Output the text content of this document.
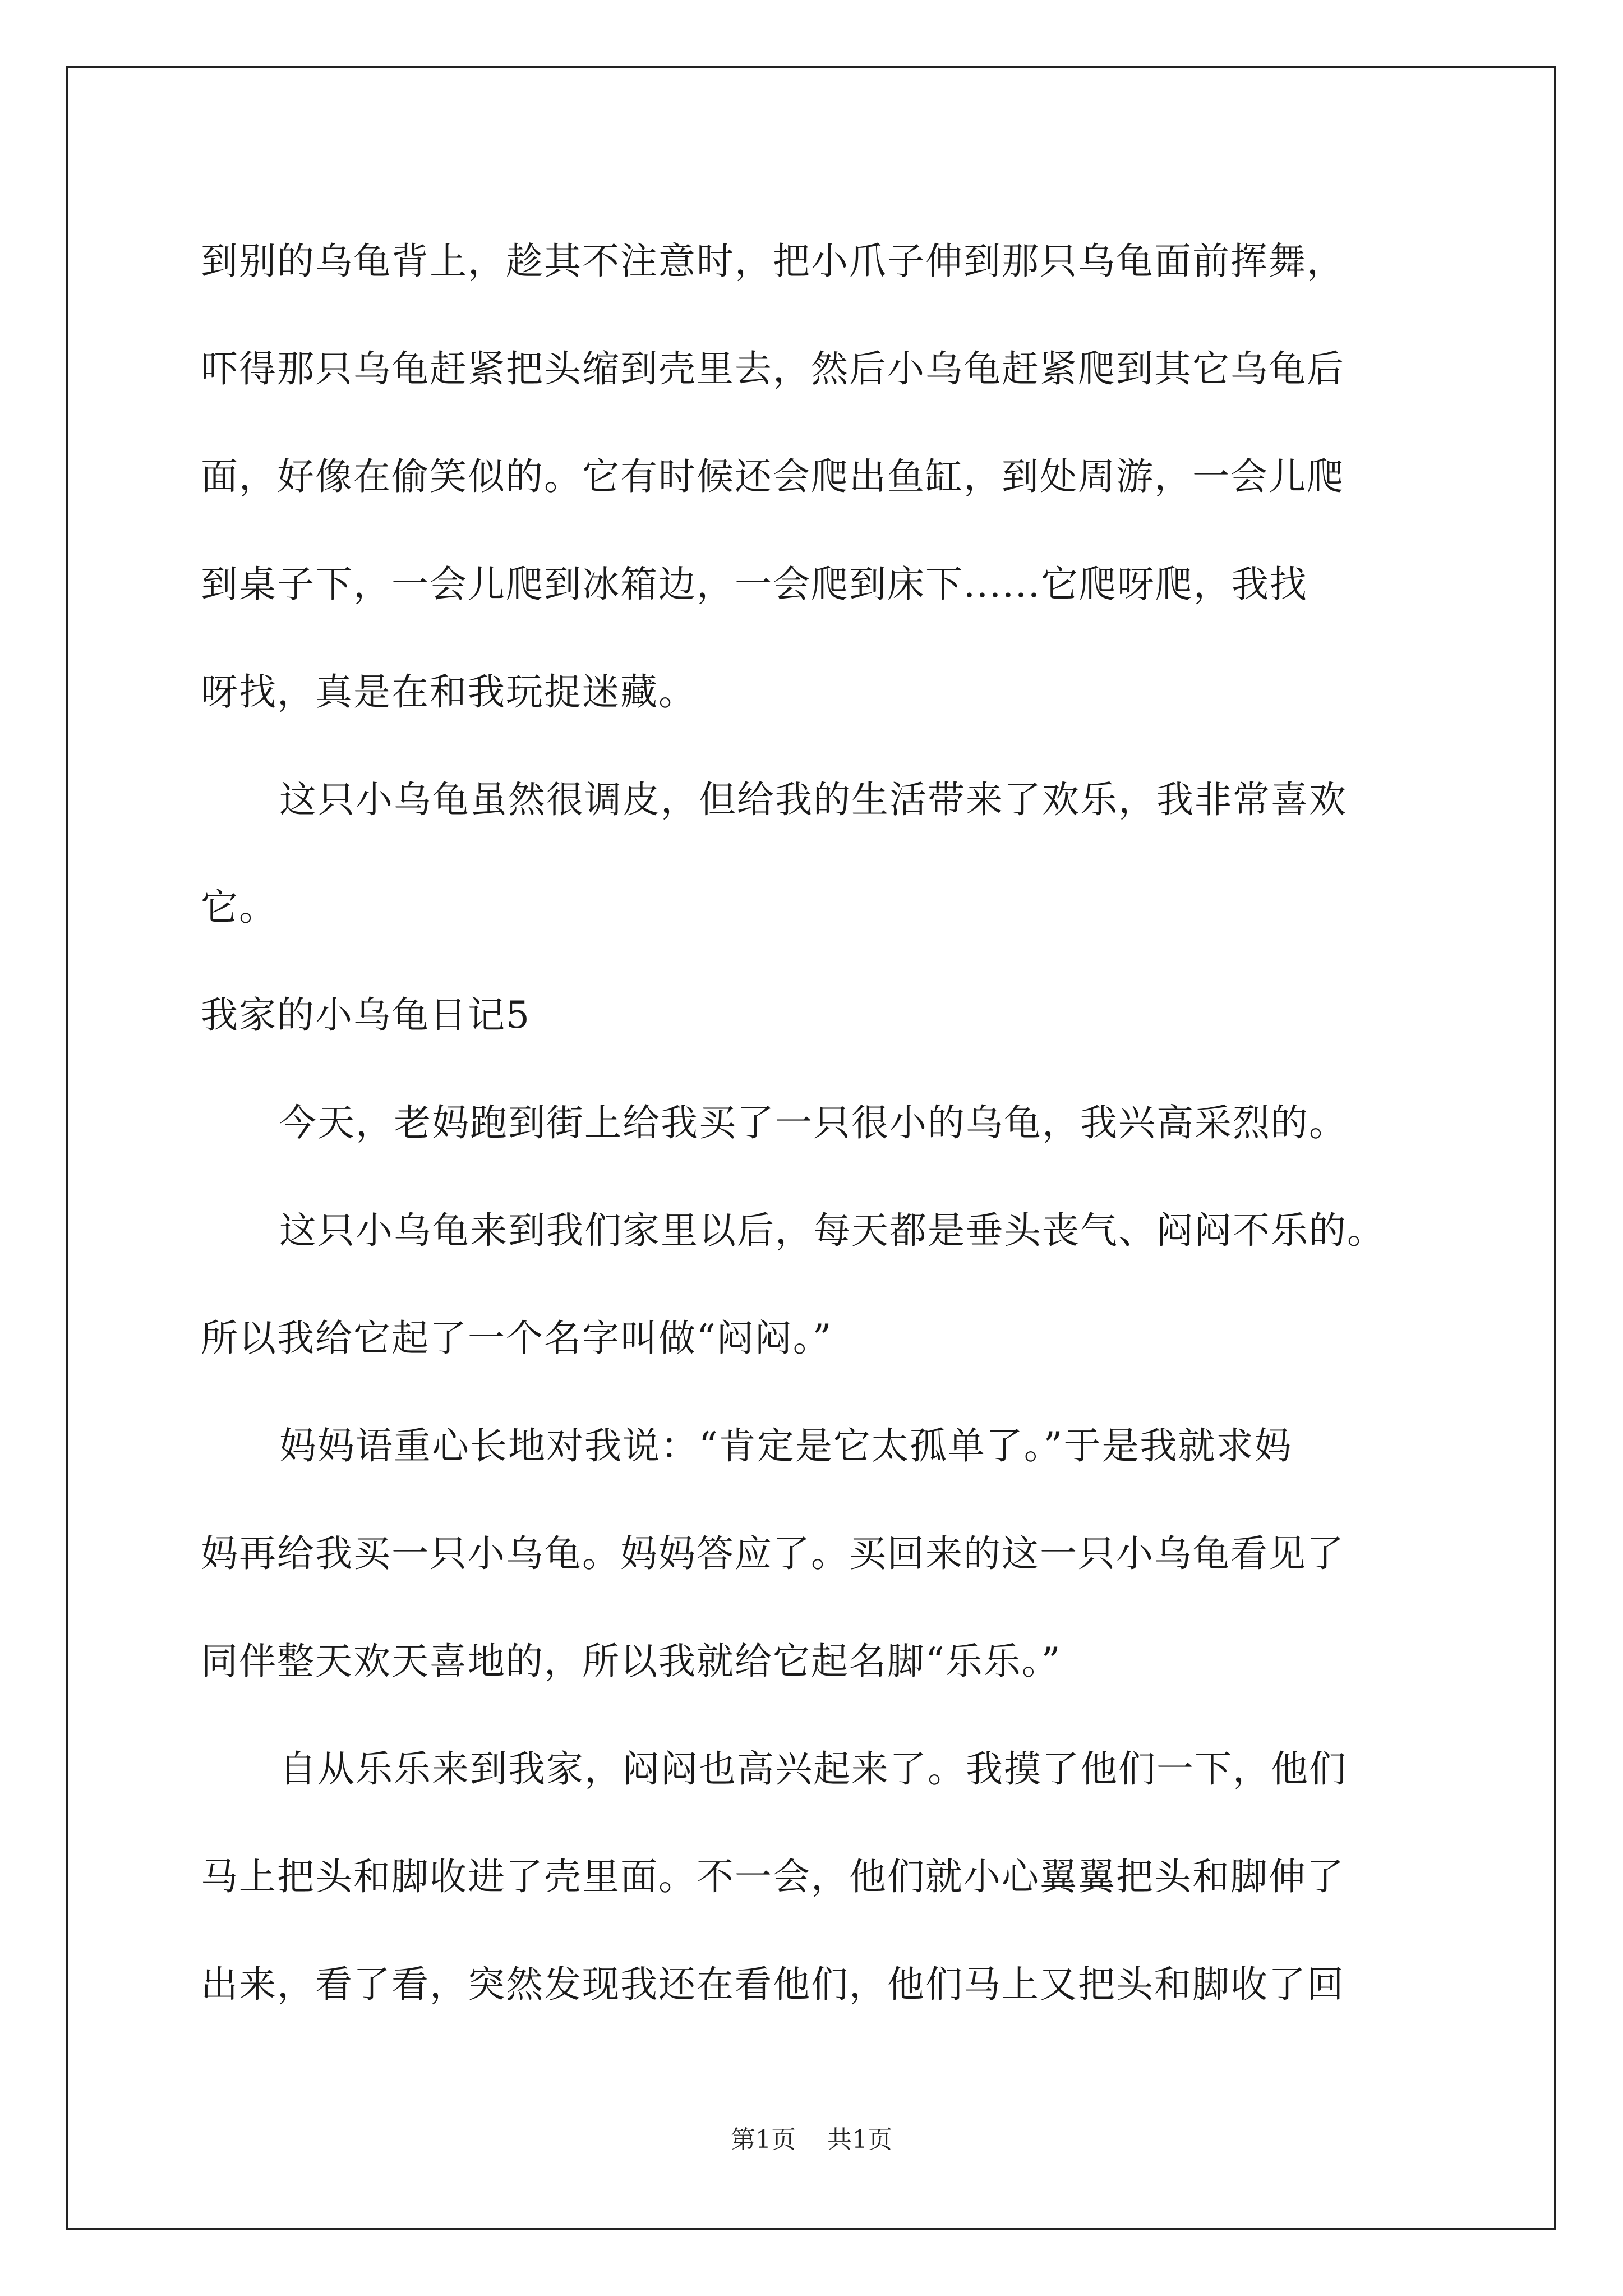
到别的乌龟背上，趁其不注意时，把小爪子伸到那只乌龟面前挥舞，
吓得那只乌龟赶紧把头缩到壳里去，然后小乌龟赶紧爬到其它乌龟后
面，好像在偷笑似的。它有时候还会爬出鱼缸，到处周游，一会儿爬
到桌子下，一会儿爬到冰箱边，一会爬到床下......它爬呀爬，我找
呀找，真是在和我玩捉迷藏。
这只小乌龟虽然很调皮，但给我的生活带来了欢乐，我非常喜欢
它。
我家的小乌龟日记5
今天，老妈跑到街上给我买了一只很小的乌龟，我兴高采烈的。
这只小乌龟来到我们家里以后，每天都是垂头丧气、闷闷不乐的。
所以我给它起了一个名字叫做“闷闷。”
妈妈语重心长地对我说：“肯定是它太孤单了。”于是我就求妈
妈再给我买一只小乌龟。妈妈答应了。买回来的这一只小乌龟看见了
同伴整天欢天喜地的，所以我就给它起名脚“乐乐。”
自从乐乐来到我家，闷闷也高兴起来了。我摸了他们一下，他们
马上把头和脚收进了壳里面。不一会，他们就小心翼翼把头和脚伸了
出来，看了看，突然发现我还在看他们，他们马上又把头和脚收了回
第1页 共1页
